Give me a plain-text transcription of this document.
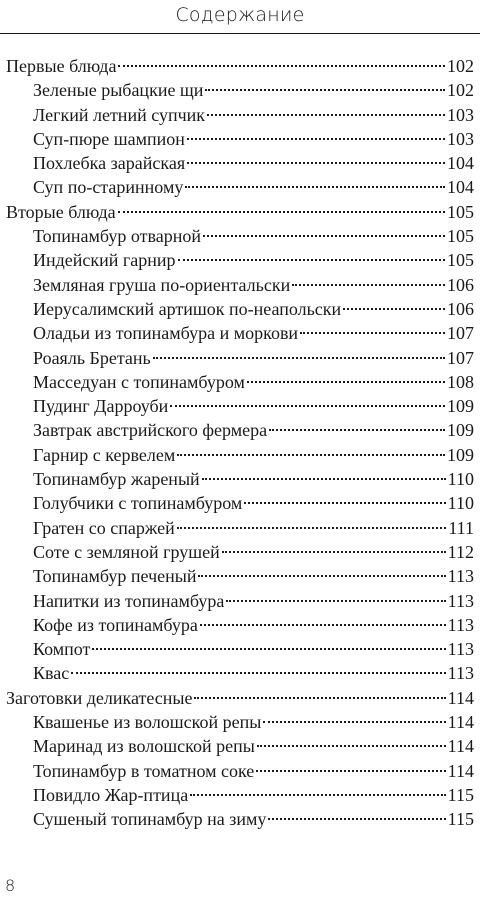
Содержание
Первые блюда	102
Зеленые рыбацкие щи	102
Легкий летний супчик	103
Суп-пюре шампион	103
Похлебка зарайская	104
Суп по-старинному	104
Вторые блюда	105
Топинамбур отварной	105
Индейский гарнир	105
Земляная груша по-ориентальски	106
Иерусалимский артишок по-неапольски	106
Оладьи из топинамбура и моркови	107
Роаяль Бретань	107
Масседуан с топинамбуром	108
Пудинг Дарроуби	109
Завтрак австрийского фермера	109
Гарнир с кервелем	109
Топинамбур жареный	110
Голубчики с топинамбуром	110
Гратен со спаржей	111
Соте с земляной грушей	112
Топинамбур печеный	113
Напитки из топинамбура	113
Кофе из топинамбура	113
Компот	113
Квас	113
Заготовки деликатесные	114
Квашенье из волошской репы	114
Маринад из волошской репы	114
Топинамбур в томатном соке	114
Повидло Жар-птица	115
Сушеный топинамбур на зиму	115
8
